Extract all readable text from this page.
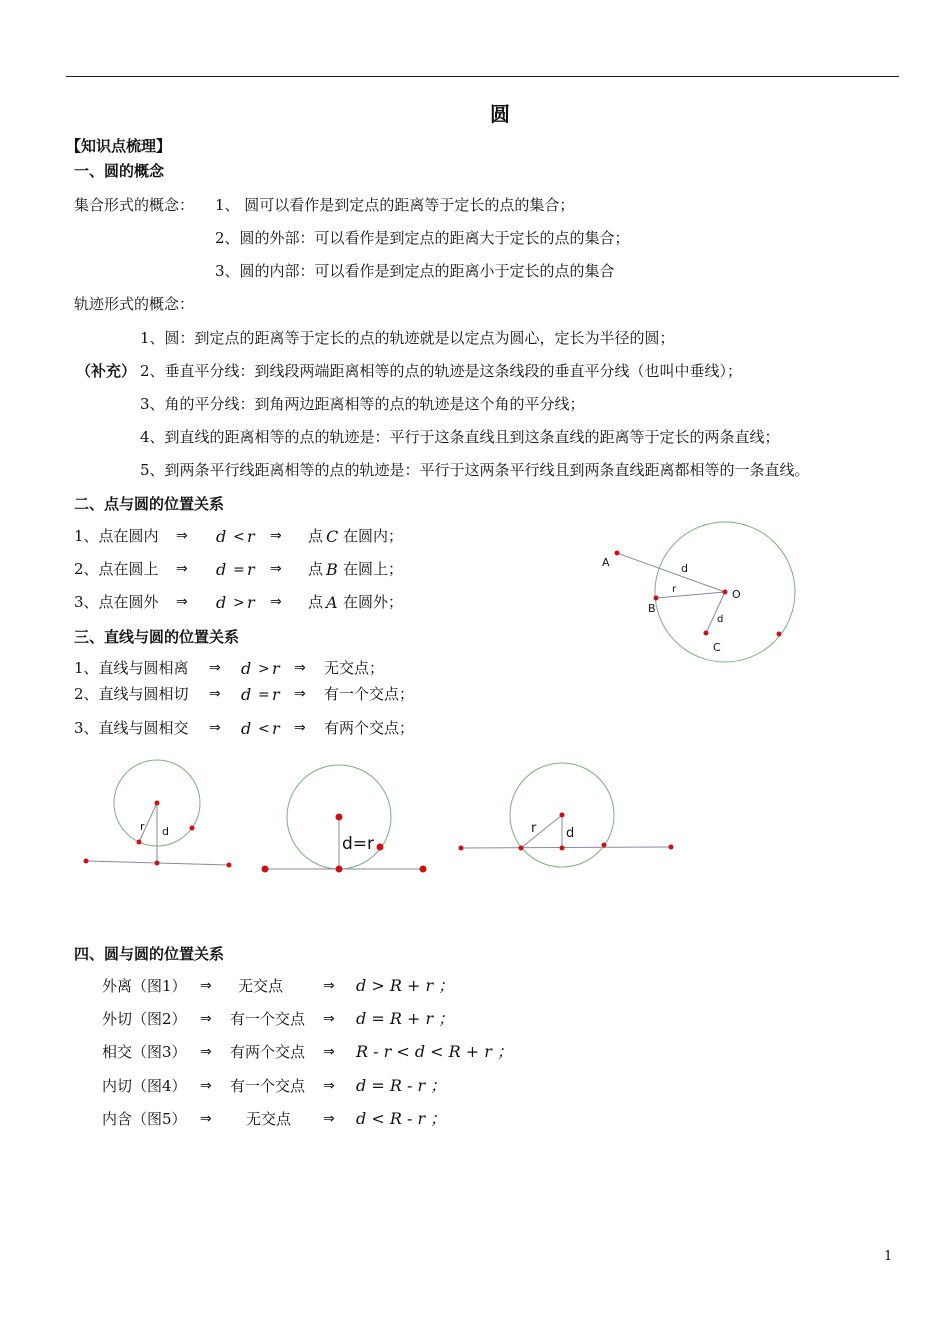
圆
【知识点梳理】
一、圆的概念
集合形式的概念： 1、 圆可以看作是到定点的距离等于定长的点的集合；
2、圆的外部：可以看作是到定点的距离大于定长的点的集合；
3、圆的内部：可以看作是到定点的距离小于定长的点的集合
轨迹形式的概念：
1、圆：到定点的距离等于定长的点的轨迹就是以定点为圆心，定长为半径的圆；
（补充） 2、垂直平分线：到线段两端距离相等的点的轨迹是这条线段的垂直平分线（也叫中垂线）；
3、角的平分线：到角两边距离相等的点的轨迹是这个角的平分线；
4、到直线的距离相等的点的轨迹是：平行于这条直线且到这条直线的距离等于定长的两条直线；
5、到两条平行线距离相等的点的轨迹是：平行于这两条平行线且到两条直线距离都相等的一条直线。
二、点与圆的位置关系
1、点在圆内 ⇒ d < r ⇒ 点 C 在圆内；
2、点在圆上 ⇒ d = r ⇒ 点 B 在圆上；
3、点在圆外 ⇒ d > r ⇒ 点 A 在圆外；
A
B
C
O
d
r
d
三、直线与圆的位置关系
1、直线与圆相离 ⇒ d > r ⇒ 无交点；
2、直线与圆相切 ⇒ d = r ⇒ 有一个交点；
3、直线与圆相交 ⇒ d < r ⇒ 有两个交点；
r d
d=r
r d
四、圆与圆的位置关系
外离（图1） ⇒ 无交点	⇒ d > R + r ；
外切（图2） ⇒ 有一个交点 ⇒ d = R + r ；
相交（图3） ⇒ 有两个交点 ⇒ R - r < d < R + r ；
内切（图4） ⇒ 有一个交点 ⇒ d = R - r ；
内含（图5） ⇒ 无交点 ⇒ d < R - r ；
1
